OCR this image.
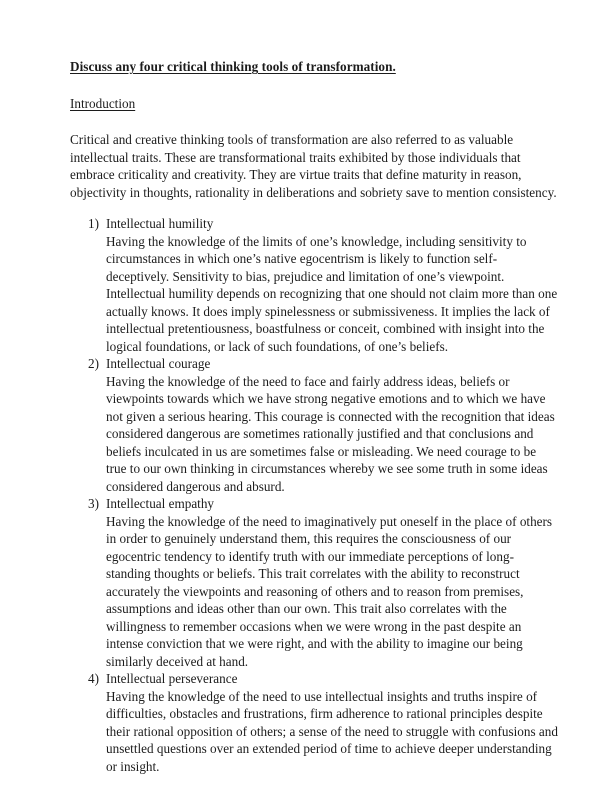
Discuss any four critical thinking tools of transformation.
Introduction

Critical and creative thinking tools of transformation are also referred to as valuable intellectual traits. These are transformational traits exhibited by those individuals that embrace criticality and creativity. They are virtue traits that define maturity in reason, objectivity in thoughts, rationality in deliberations and sobriety save to mention consistency.

1) Intellectual humility
Having the knowledge of the limits of one’s knowledge, including sensitivity to circumstances in which one’s native egocentrism is likely to function self-deceptively. Sensitivity to bias, prejudice and limitation of one’s viewpoint. Intellectual humility depends on recognizing that one should not claim more than one actually knows. It does imply spinelessness or submissiveness. It implies the lack of intellectual pretentiousness, boastfulness or conceit, combined with insight into the logical foundations, or lack of such foundations, of one’s beliefs.
2) Intellectual courage
Having the knowledge of the need to face and fairly address ideas, beliefs or viewpoints towards which we have strong negative emotions and to which we have not given a serious hearing. This courage is connected with the recognition that ideas considered dangerous are sometimes rationally justified and that conclusions and beliefs inculcated in us are sometimes false or misleading. We need courage to be true to our own thinking in circumstances whereby we see some truth in some ideas considered dangerous and absurd.
3) Intellectual empathy
Having the knowledge of the need to imaginatively put oneself in the place of others in order to genuinely understand them, this requires the consciousness of our egocentric tendency to identify truth with our immediate perceptions of long-standing thoughts or beliefs. This trait correlates with the ability to reconstruct accurately the viewpoints and reasoning of others and to reason from premises, assumptions and ideas other than our own. This trait also correlates with the willingness to remember occasions when we were wrong in the past despite an intense conviction that we were right, and with the ability to imagine our being similarly deceived at hand.
4) Intellectual perseverance
Having the knowledge of the need to use intellectual insights and truths inspire of difficulties, obstacles and frustrations, firm adherence to rational principles despite their rational opposition of others; a sense of the need to struggle with confusions and unsettled questions over an extended period of time to achieve deeper understanding or insight.
